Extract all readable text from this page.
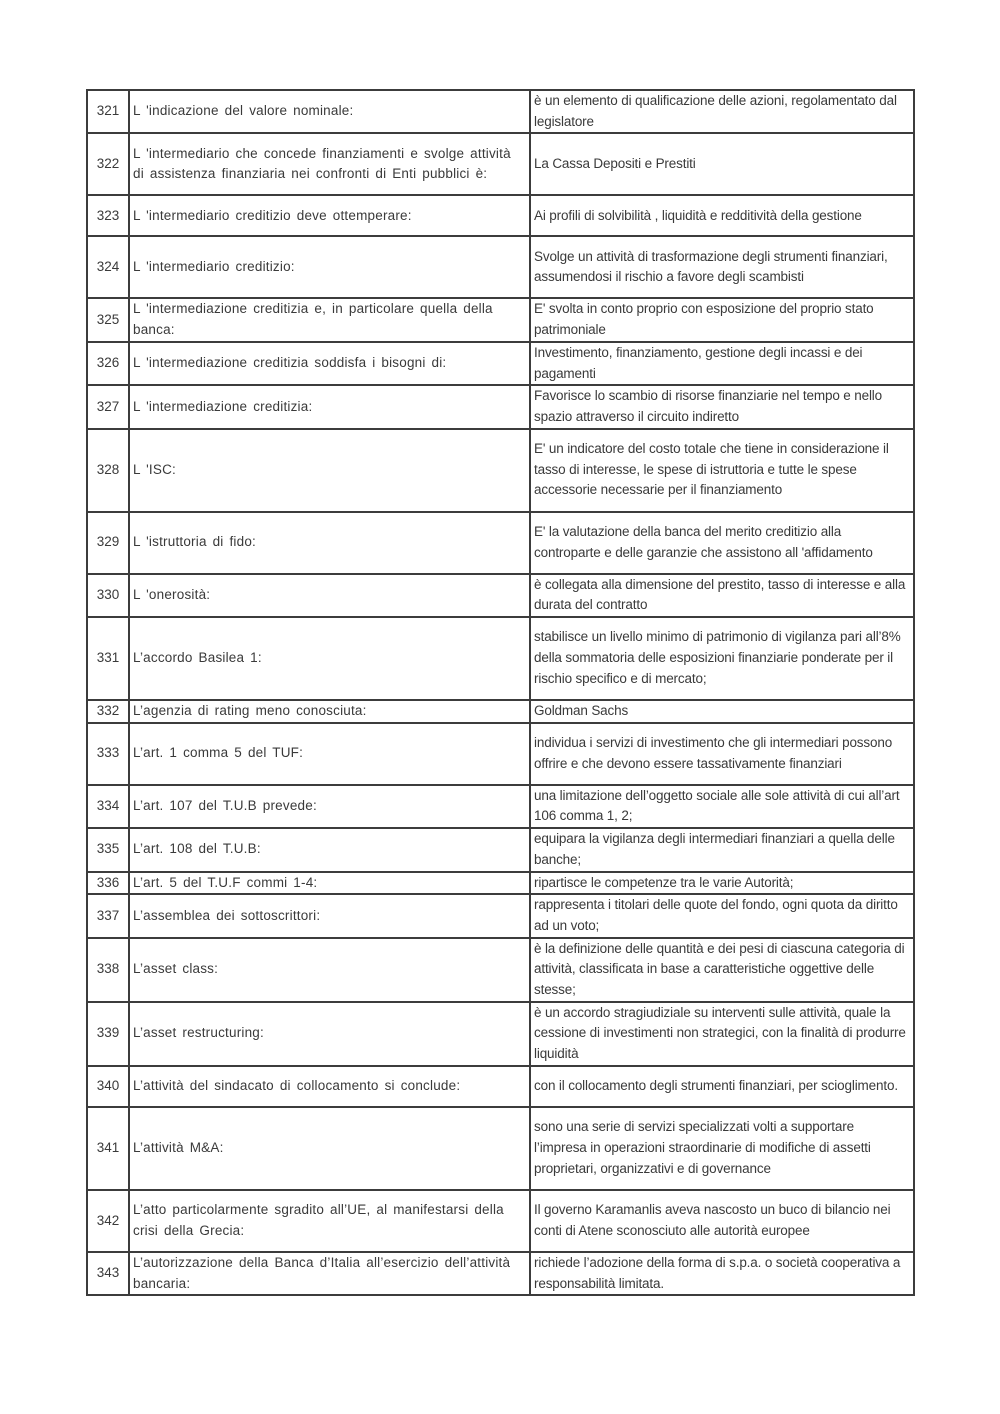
321	L 'indicazione del valore nominale:	è un elemento di qualificazione delle azioni, regolamentato dal legislatore
322	L 'intermediario che concede finanziamenti e svolge attività di assistenza finanziaria nei confronti di Enti pubblici è:	La Cassa Depositi e Prestiti
323	L 'intermediario creditizio deve ottemperare:	Ai profili di solvibilità , liquidità e redditività della gestione
324	L 'intermediario creditizio:	Svolge un attività di trasformazione degli strumenti finanziari, assumendosi il rischio a favore degli scambisti
325	L 'intermediazione creditizia e, in particolare quella della banca:	E' svolta in conto proprio con esposizione del proprio stato patrimoniale
326	L 'intermediazione creditizia soddisfa i bisogni di:	Investimento, finanziamento, gestione degli incassi e dei pagamenti
327	L 'intermediazione creditizia:	Favorisce lo scambio di risorse finanziarie nel tempo e nello spazio attraverso il circuito indiretto
328	L 'ISC:	E' un indicatore del costo totale che tiene in considerazione il tasso di interesse, le spese di istruttoria e tutte le spese accessorie necessarie per il finanziamento
329	L 'istruttoria di fido:	E' la valutazione della banca del merito creditizio alla controparte e delle garanzie che assistono all 'affidamento
330	L 'onerosità:	è collegata alla dimensione del prestito, tasso di interesse e alla durata del contratto
331	L’accordo Basilea 1:	stabilisce un livello minimo di patrimonio di vigilanza pari all’8% della sommatoria delle esposizioni finanziarie ponderate per il rischio specifico e di mercato;
332	L’agenzia di rating meno conosciuta:	Goldman Sachs
333	L’art. 1 comma 5 del TUF:	individua i servizi di investimento che gli intermediari possono offrire e che devono essere tassativamente finanziari
334	L’art. 107 del T.U.B prevede:	una limitazione dell’oggetto sociale alle sole attività di cui all’art 106 comma 1, 2;
335	L’art. 108 del T.U.B:	equipara la vigilanza degli intermediari finanziari a quella delle banche;
336	L’art. 5 del T.U.F commi 1-4:	ripartisce le competenze tra le varie Autorità;
337	L’assemblea dei sottoscrittori:	rappresenta i titolari delle quote del fondo, ogni quota da diritto ad un voto;
338	L’asset class:	è la definizione delle quantità e dei pesi di ciascuna categoria di attività, classificata in base a caratteristiche oggettive delle stesse;
339	L’asset restructuring:	è un accordo stragiudiziale su interventi sulle attività, quale la cessione di investimenti non strategici, con la finalità di produrre liquidità
340	L’attività del sindacato di collocamento si conclude:	con il collocamento degli strumenti finanziari, per scioglimento.
341	L’attività M&A:	sono una serie di servizi specializzati volti a supportare l’impresa in operazioni straordinarie di modifiche di assetti proprietari, organizzativi e di governance
342	L’atto particolarmente sgradito all’UE, al manifestarsi della crisi della Grecia:	Il governo Karamanlis aveva nascosto un buco di bilancio nei conti di Atene sconosciuto alle autorità europee
343	L’autorizzazione della Banca d’Italia all’esercizio dell’attività bancaria:	richiede l’adozione della forma di s.p.a. o società cooperativa a responsabilità limitata.
